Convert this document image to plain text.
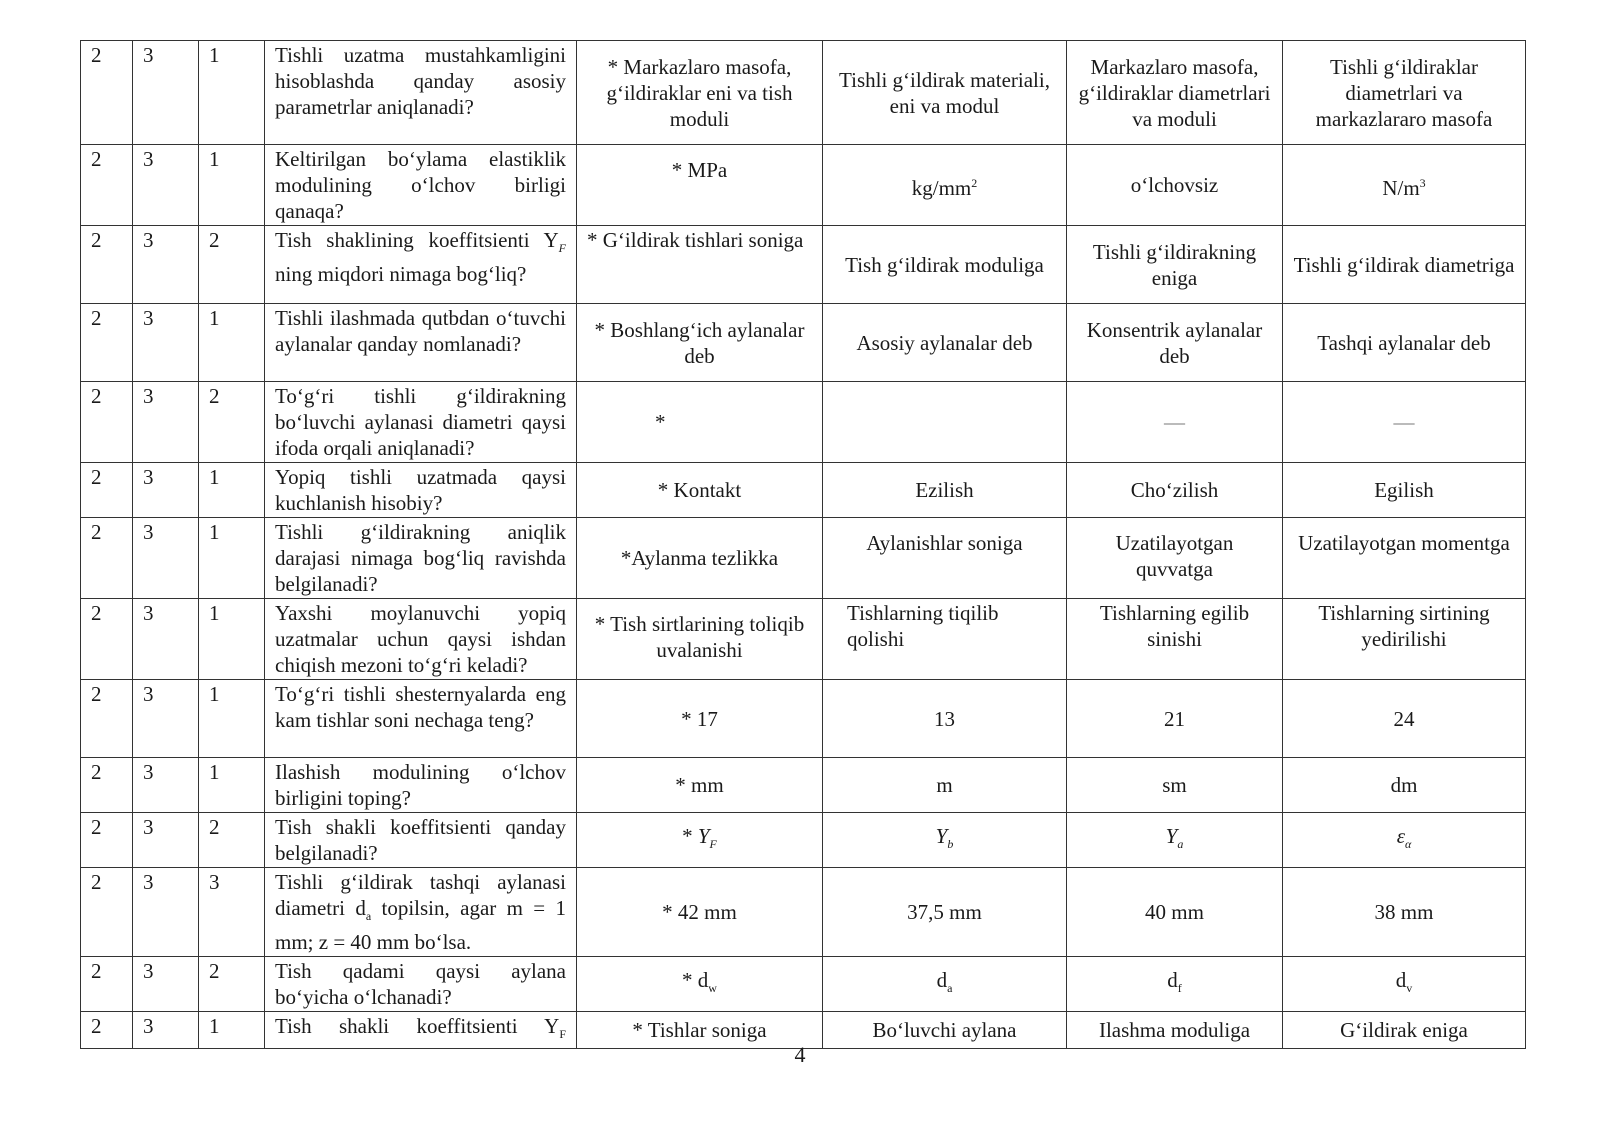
2	3	1	Tishli uzatma mustahkamligini hisoblashda qanday asosiy parametrlar aniqlanadi?	* Markazlaro masofa, g‘ildiraklar eni va tish moduli	Tishli g‘ildirak materiali, eni va modul	Markazlaro masofa, g‘ildiraklar diametrlari va moduli	Tishli g‘ildiraklar diametrlari va markazlararo masofa
2	3	1	Keltirilgan bo‘ylama elastiklik modulining o‘lchov birligi qanaqa?	* MPa	$kg/mm^2$	o‘lchovsiz	$N/m^3$
2	3	2	Tish shaklining koeffitsienti $Y_F$ ning miqdori nimaga bog‘liq?	* G‘ildirak tishlari soniga	Tish g‘ildirak moduliga	Tishli g‘ildirakning eniga	Tishli g‘ildirak diametriga
2	3	1	Tishli ilashmada qutbdan o‘tuvchi aylanalar qanday nomlanadi?	* Boshlang‘ich aylanalar deb	Asosiy aylanalar deb	Konsentrik aylanalar deb	Tashqi aylanalar deb
2	3	2	To‘g‘ri tishli g‘ildirakning bo‘luvchi aylanasi diametri qaysi ifoda orqali aniqlanadi?	*		—	—
2	3	1	Yopiq tishli uzatmada qaysi kuchlanish hisobiy?	* Kontakt	Ezilish	Cho‘zilish	Egilish
2	3	1	Tishli g‘ildirakning aniqlik darajasi nimaga bog‘liq ravishda belgilanadi?	*Aylanma tezlikka	Aylanishlar soniga	Uzatilayotgan quvvatga	Uzatilayotgan momentga
2	3	1	Yaxshi moylanuvchi yopiq uzatmalar uchun qaysi ishdan chiqish mezoni to‘g‘ri keladi?	* Tish sirtlarining toliqib uvalanishi	Tishlarning tiqilib qolishi	Tishlarning egilib sinishi	Tishlarning sirtining yedirilishi
2	3	1	To‘g‘ri tishli shesternyalarda eng kam tishlar soni nechaga teng?	* 17	13	21	24
2	3	1	Ilashish modulining o‘lchov birligini toping?	* mm	m	sm	dm
2	3	2	Tish shakli koeffitsienti qanday belgilanadi?	* $Y_F$	$Y_b$	$Y_a$	$\varepsilon_\alpha$
2	3	3	Tishli g‘ildirak tashqi aylanasi diametri $d_a$ topilsin, agar m = 1 mm; z = 40 mm bo‘lsa.	* 42 mm	37,5 mm	40 mm	38 mm
2	3	2	Tish qadami qaysi aylana bo‘yicha o‘lchanadi?	* $d_w$	$d_a$	$d_f$	$d_v$
2	3	1	Tish shakli koeffitsienti $Y_F$	* Tishlar soniga	Bo‘luvchi aylana	Ilashma moduliga	G‘ildirak eniga
4
